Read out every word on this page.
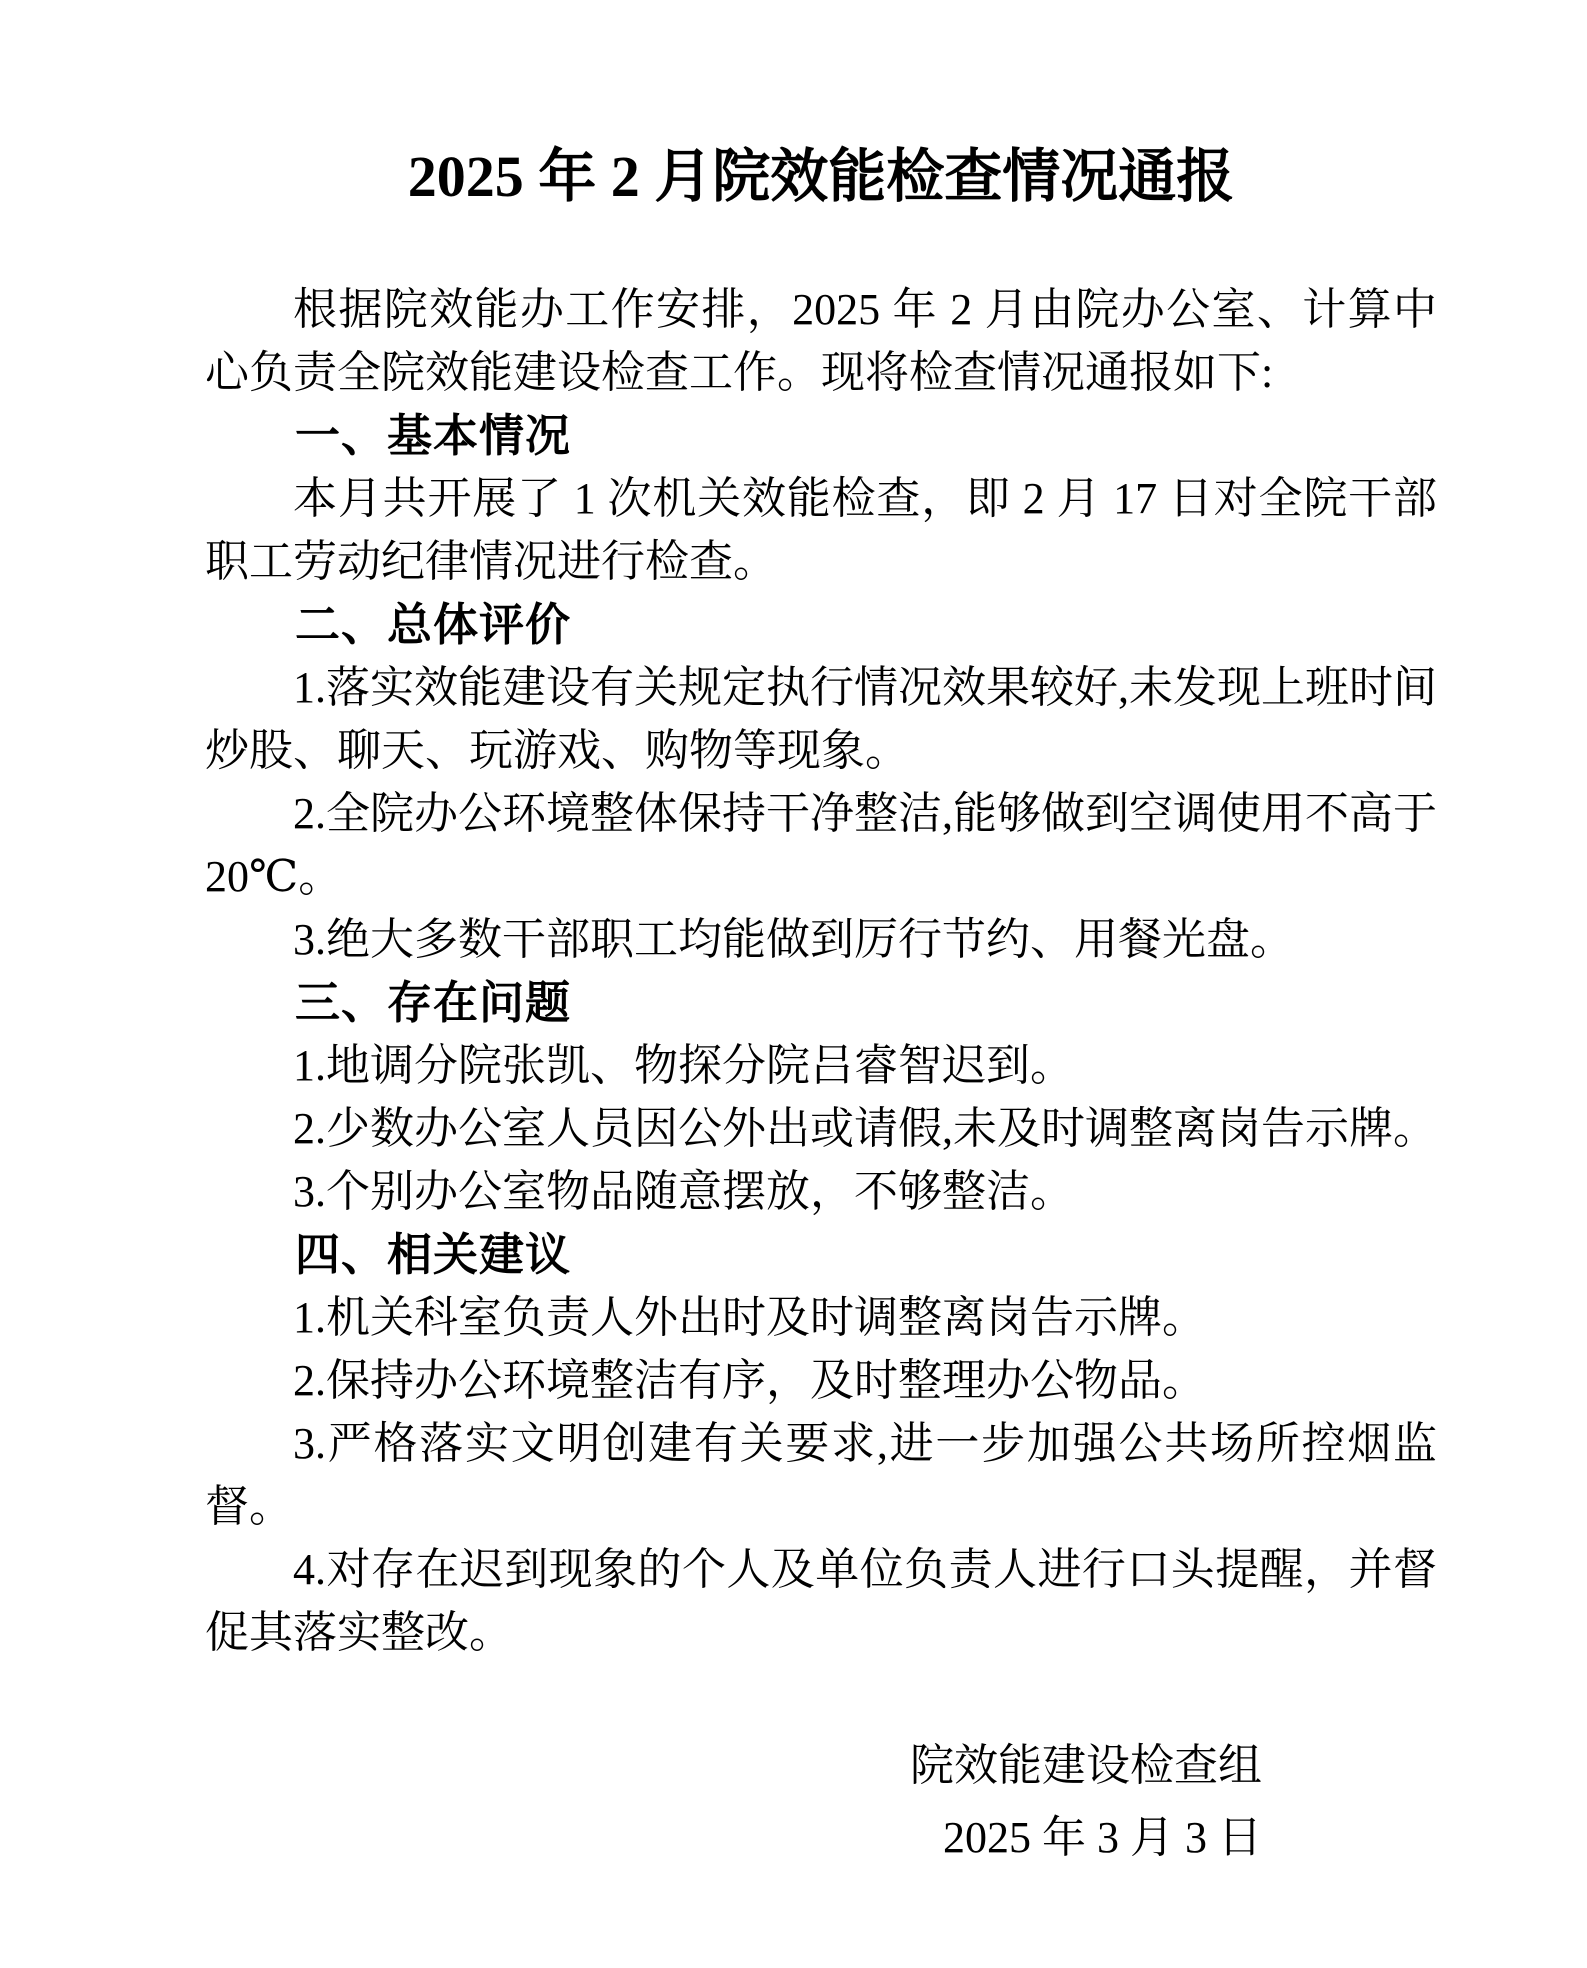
2025 年 2 月院效能检查情况通报

根据院效能办工作安排，2025 年 2 月由院办公室、计算中心负责全院效能建设检查工作。现将检查情况通报如下:

一、基本情况

本月共开展了 1 次机关效能检查，即 2 月 17 日对全院干部职工劳动纪律情况进行检查。

二、总体评价

1.落实效能建设有关规定执行情况效果较好,未发现上班时间炒股、聊天、玩游戏、购物等现象。

2.全院办公环境整体保持干净整洁,能够做到空调使用不高于 20℃。

3.绝大多数干部职工均能做到厉行节约、用餐光盘。

三、存在问题

1.地调分院张凯、物探分院吕睿智迟到。

2.少数办公室人员因公外出或请假,未及时调整离岗告示牌。

3.个别办公室物品随意摆放，不够整洁。

四、相关建议

1.机关科室负责人外出时及时调整离岗告示牌。

2.保持办公环境整洁有序，及时整理办公物品。

3.严格落实文明创建有关要求,进一步加强公共场所控烟监督。

4.对存在迟到现象的个人及单位负责人进行口头提醒，并督促其落实整改。

院效能建设检查组

2025 年 3 月 3 日
